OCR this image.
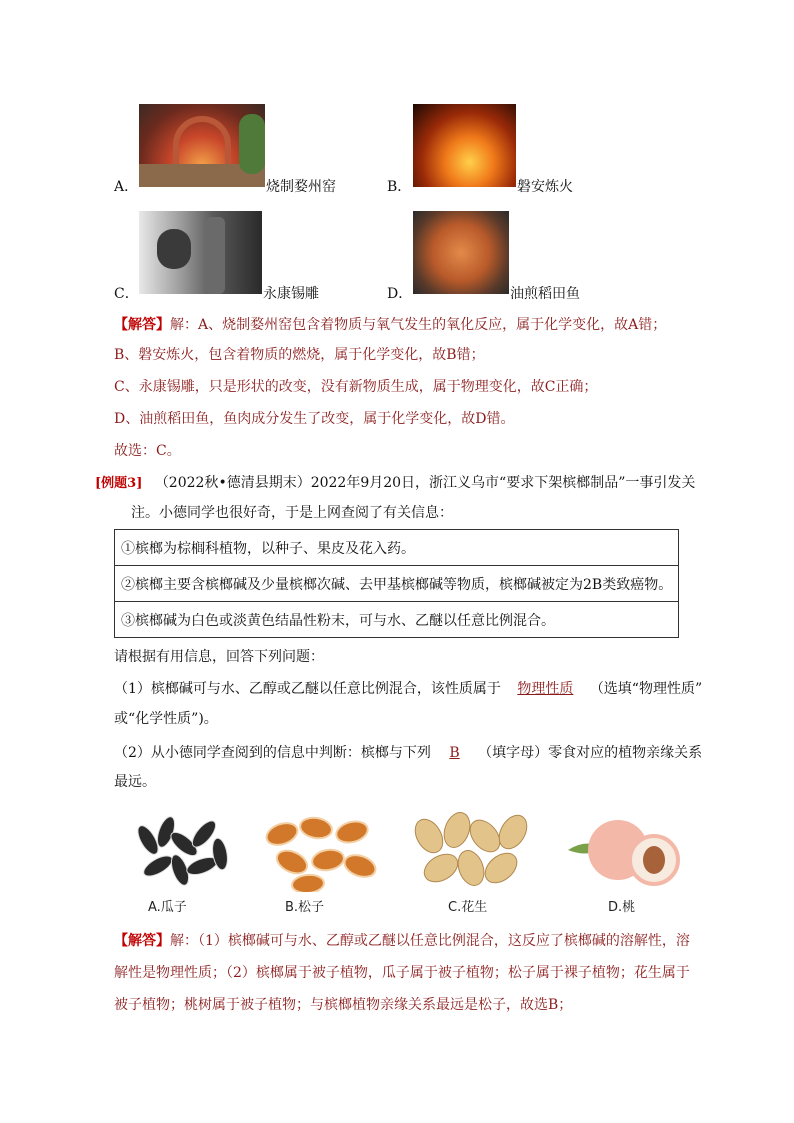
A．	烧制婺州窑	B．	磐安炼火
C．	永康锡雕	D．	油煎稻田鱼
【解答】解：A、烧制婺州窑包含着物质与氧气发生的氧化反应，属于化学变化，故A错；
B、磐安炼火，包含着物质的燃烧，属于化学变化，故B错；
C、永康锡雕，只是形状的改变，没有新物质生成，属于物理变化，故C正确；
D、油煎稻田鱼，鱼肉成分发生了改变，属于化学变化，故D错。
故选：C。
[例题3] （2022秋•德清县期末）2022年9月20日，浙江义乌市“要求下架槟榔制品”一事引发关
注。小德同学也很好奇，于是上网查阅了有关信息：
①槟榔为棕榈科植物，以种子、果皮及花入药。
②槟榔主要含槟榔碱及少量槟榔次碱、去甲基槟榔碱等物质，槟榔碱被定为2B类致癌物。
③槟榔碱为白色或淡黄色结晶性粉末，可与水、乙醚以任意比例混合。
请根据有用信息，回答下列问题：
（1）槟榔碱可与水、乙醇或乙醚以任意比例混合，该性质属于 物理性质 （选填“物理性质”
或“化学性质”)。
（2）从小德同学查阅到的信息中判断：槟榔与下列 B （填字母）零食对应的植物亲缘关系
最远。
A.瓜子	B.松子	C.花生	D.桃
【解答】解：（1）槟榔碱可与水、乙醇或乙醚以任意比例混合，这反应了槟榔碱的溶解性，溶
解性是物理性质；（2）槟榔属于被子植物，瓜子属于被子植物；松子属于裸子植物；花生属于
被子植物；桃树属于被子植物；与槟榔植物亲缘关系最远是松子，故选B；
